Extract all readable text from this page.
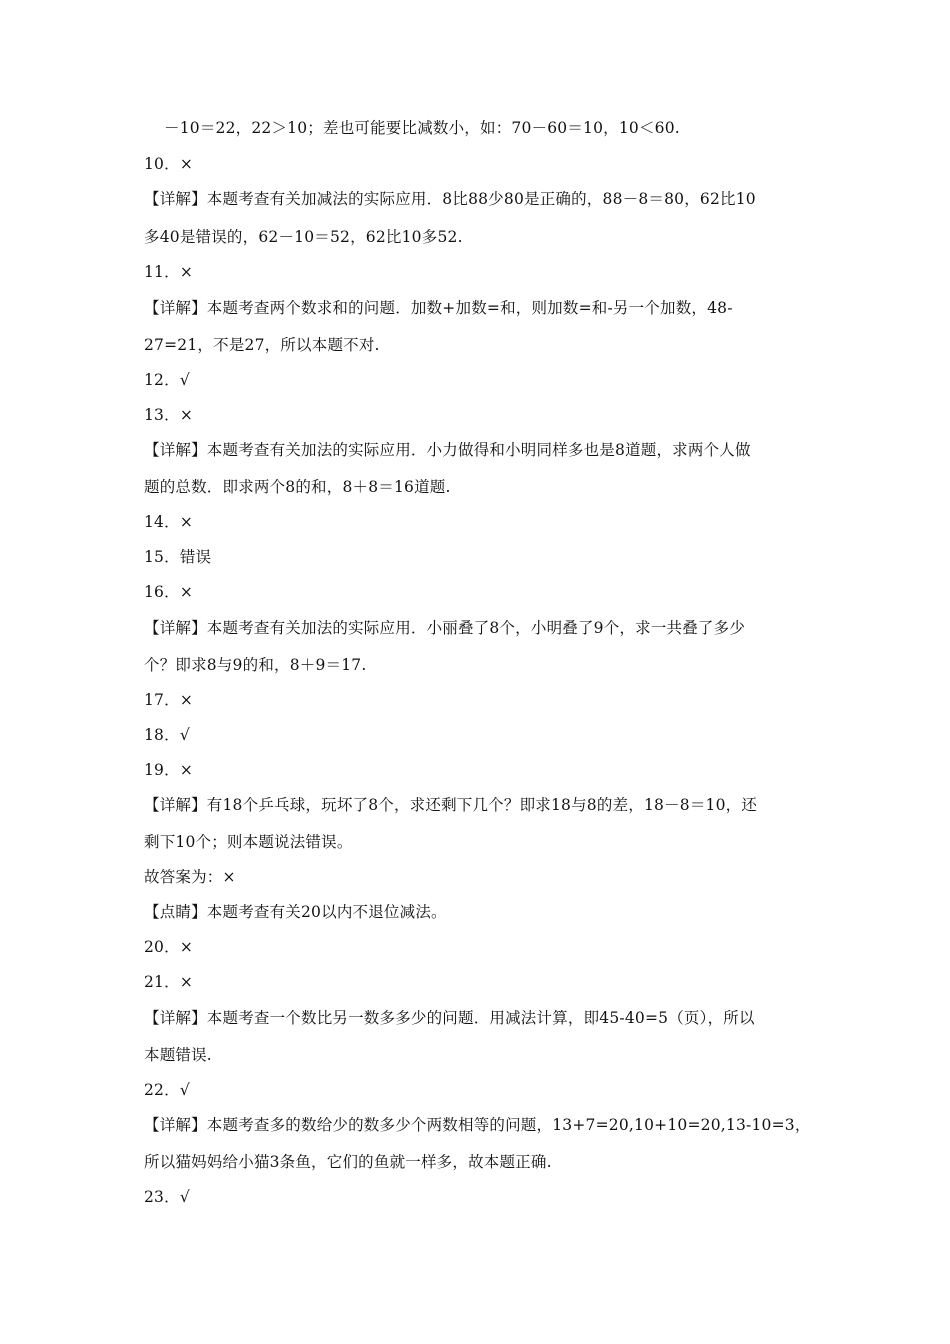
－10＝22，22＞10；差也可能要比减数小，如：70－60＝10，10＜60.
10．×
【详解】本题考查有关加减法的实际应用．8比88少80是正确的，88－8＝80，62比10
多40是错误的，62－10＝52，62比10多52.
11．×
【详解】本题考查两个数求和的问题．加数+加数=和，则加数=和-另一个加数，48-
27=21，不是27，所以本题不对.
12．√
13．×
【详解】本题考查有关加法的实际应用．小力做得和小明同样多也是8道题，求两个人做
题的总数．即求两个8的和，8＋8＝16道题.
14．×
15．错误
16．×
【详解】本题考查有关加法的实际应用．小丽叠了8个，小明叠了9个，求一共叠了多少
个？即求8与9的和，8＋9＝17.
17．×
18．√
19．×
【详解】有18个乒乓球，玩坏了8个，求还剩下几个？即求18与8的差，18－8＝10，还
剩下10个；则本题说法错误。
故答案为：×
【点睛】本题考查有关20以内不退位减法。
20．×
21．×
【详解】本题考查一个数比另一数多多少的问题．用减法计算，即45-40=5（页），所以
本题错误.
22．√
【详解】本题考查多的数给少的数多少个两数相等的问题，13+7=20,10+10=20,13-10=3，
所以猫妈妈给小猫3条鱼，它们的鱼就一样多，故本题正确.
23．√
